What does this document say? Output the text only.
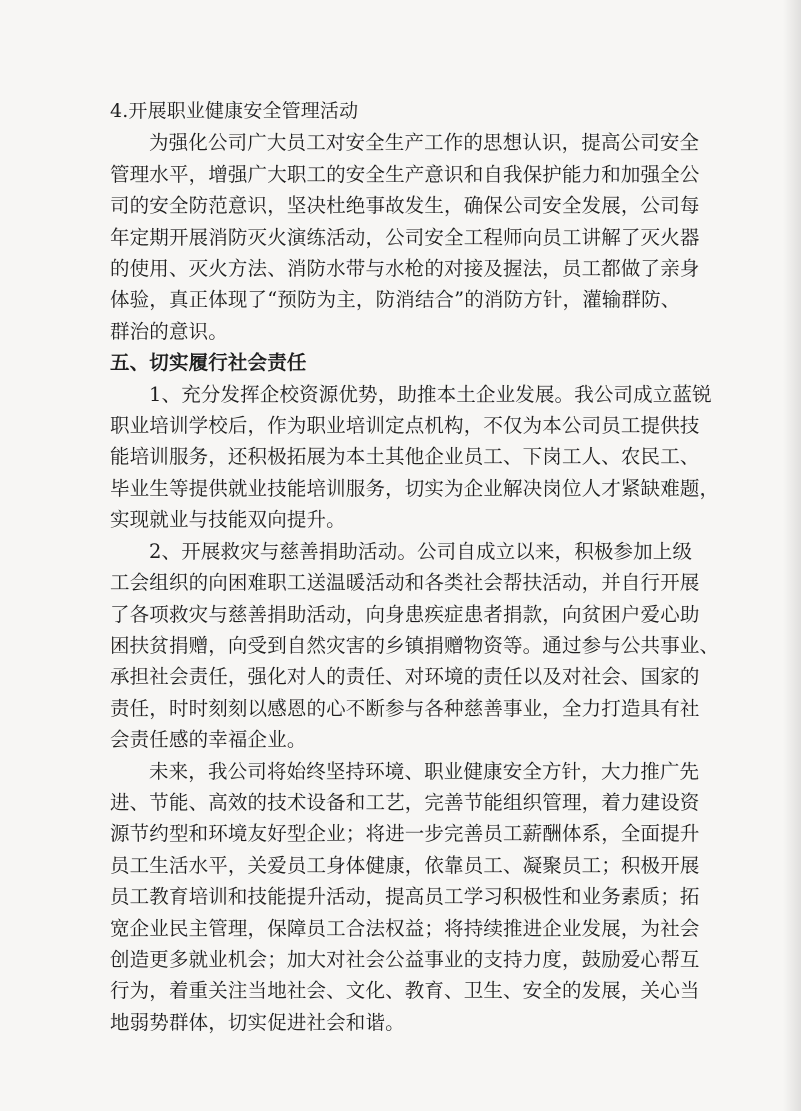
4.开展职业健康安全管理活动

为强化公司广大员工对安全生产工作的思想认识，提高公司安全

管理水平，增强广大职工的安全生产意识和自我保护能力和加强全公

司的安全防范意识，坚决杜绝事故发生，确保公司安全发展，公司每

年定期开展消防灭火演练活动，公司安全工程师向员工讲解了灭火器

的使用、灭火方法、消防水带与水枪的对接及握法，员工都做了亲身

体验，真正体现了“预防为主，防消结合”的消防方针，灌输群防、

群治的意识。

五、切实履行社会责任

1、充分发挥企校资源优势，助推本土企业发展。我公司成立蓝锐

职业培训学校后，作为职业培训定点机构，不仅为本公司员工提供技

能培训服务，还积极拓展为本土其他企业员工、下岗工人、农民工、

毕业生等提供就业技能培训服务，切实为企业解决岗位人才紧缺难题，

实现就业与技能双向提升。

2、开展救灾与慈善捐助活动。公司自成立以来，积极参加上级

工会组织的向困难职工送温暖活动和各类社会帮扶活动，并自行开展

了各项救灾与慈善捐助活动，向身患疾症患者捐款，向贫困户爱心助

困扶贫捐赠，向受到自然灾害的乡镇捐赠物资等。通过参与公共事业、

承担社会责任，强化对人的责任、对环境的责任以及对社会、国家的

责任，时时刻刻以感恩的心不断参与各种慈善事业，全力打造具有社

会责任感的幸福企业。

未来，我公司将始终坚持环境、职业健康安全方针，大力推广先

进、节能、高效的技术设备和工艺，完善节能组织管理，着力建设资

源节约型和环境友好型企业；将进一步完善员工薪酬体系，全面提升

员工生活水平，关爱员工身体健康，依靠员工、凝聚员工；积极开展

员工教育培训和技能提升活动，提高员工学习积极性和业务素质；拓

宽企业民主管理，保障员工合法权益；将持续推进企业发展，为社会

创造更多就业机会；加大对社会公益事业的支持力度，鼓励爱心帮互

行为，着重关注当地社会、文化、教育、卫生、安全的发展，关心当

地弱势群体，切实促进社会和谐。
